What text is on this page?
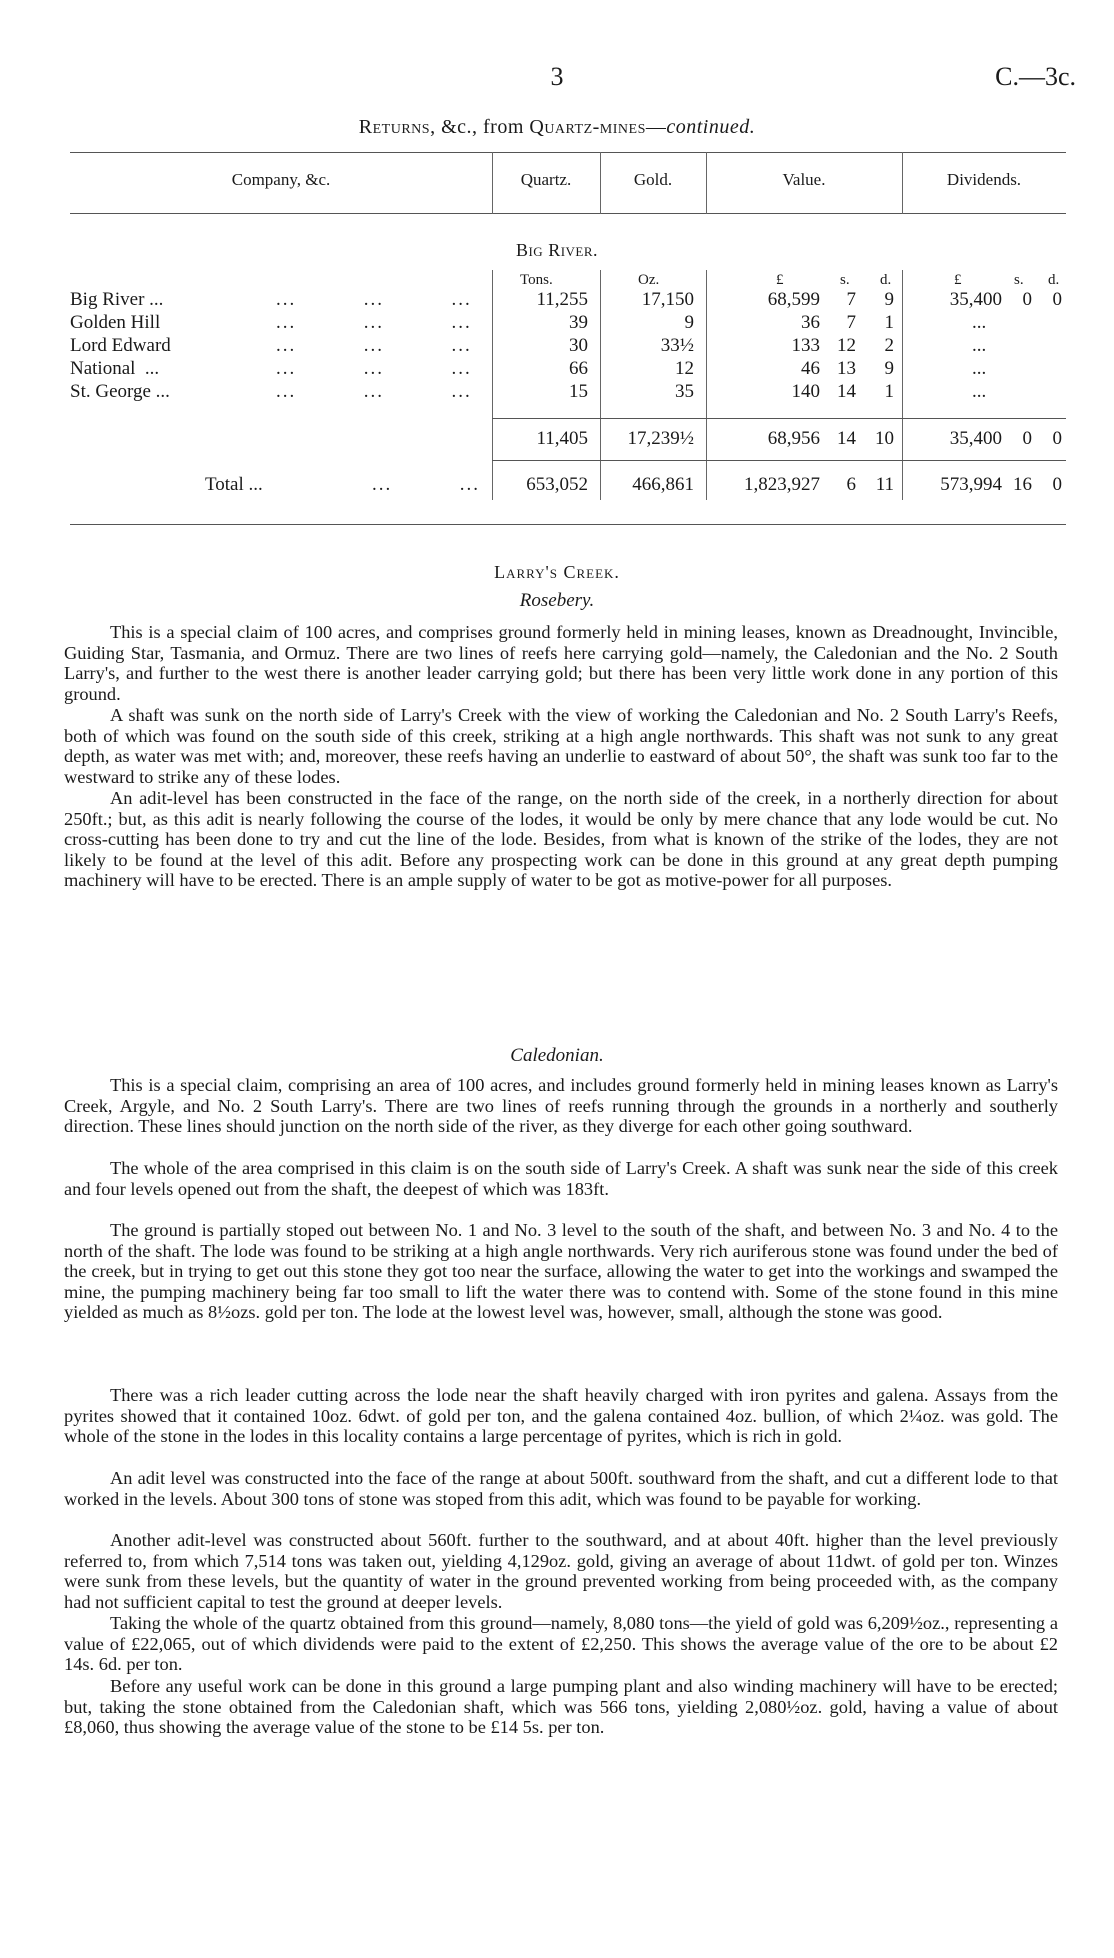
3	C.—3c.
Returns, &c., from Quartz-mines—continued.
Company, &c.	Quartz.	Gold.	Value.	Dividends.
Big River.
Tons.	Oz.	£	s. d.	£	s. d.
Big River ...	...          ...          ...	11,255	17,150	68,599	7	9	35,400	0	0
Golden Hill	...          ...          ...	39	9	36	7	1	...
Lord Edward	...          ...          ...	30	33½	133 12	2	...
National  ...	...          ...          ...	66	12	46 13	9	...
St. George ...	...          ...          ...	15	35	140 14	1	...
11,405	17,239½	68,956 14	10	35,400	0	0
Total ...	...          ...	653,052	466,861	1,823,927	6	11	573,994 16	0
Larry's Creek.
Rosebery.

This is a special claim of 100 acres, and comprises ground formerly held in mining leases, known as Dreadnought, Invincible, Guiding Star, Tasmania, and Ormuz. There are two lines of reefs here carrying gold—namely, the Caledonian and the No. 2 South Larry's, and further to the west there is another leader carrying gold; but there has been very little work done in any portion of this ground.

A shaft was sunk on the north side of Larry's Creek with the view of working the Caledonian and No. 2 South Larry's Reefs, both of which was found on the south side of this creek, striking at a high angle northwards. This shaft was not sunk to any great depth, as water was met with; and, moreover, these reefs having an underlie to eastward of about 50°, the shaft was sunk too far to the westward to strike any of these lodes.

An adit-level has been constructed in the face of the range, on the north side of the creek, in a northerly direction for about 250ft.; but, as this adit is nearly following the course of the lodes, it would be only by mere chance that any lode would be cut. No cross-cutting has been done to try and cut the line of the lode. Besides, from what is known of the strike of the lodes, they are not likely to be found at the level of this adit. Before any prospecting work can be done in this ground at any great depth pumping machinery will have to be erected. There is an ample supply of water to be got as motive-power for all purposes.

Caledonian.

This is a special claim, comprising an area of 100 acres, and includes ground formerly held in mining leases known as Larry's Creek, Argyle, and No. 2 South Larry's. There are two lines of reefs running through the grounds in a northerly and southerly direction. These lines should junction on the north side of the river, as they diverge for each other going southward.

The whole of the area comprised in this claim is on the south side of Larry's Creek. A shaft was sunk near the side of this creek and four levels opened out from the shaft, the deepest of which was 183ft.

The ground is partially stoped out between No. 1 and No. 3 level to the south of the shaft, and between No. 3 and No. 4 to the north of the shaft. The lode was found to be striking at a high angle northwards. Very rich auriferous stone was found under the bed of the creek, but in trying to get out this stone they got too near the surface, allowing the water to get into the workings and swamped the mine, the pumping machinery being far too small to lift the water there was to contend with. Some of the stone found in this mine yielded as much as 8½ozs. gold per ton. The lode at the lowest level was, however, small, although the stone was good.

There was a rich leader cutting across the lode near the shaft heavily charged with iron pyrites and galena. Assays from the pyrites showed that it contained 10oz. 6dwt. of gold per ton, and the galena contained 4oz. bullion, of which 2¼oz. was gold. The whole of the stone in the lodes in this locality contains a large percentage of pyrites, which is rich in gold.

An adit level was constructed into the face of the range at about 500ft. southward from the shaft, and cut a different lode to that worked in the levels. About 300 tons of stone was stoped from this adit, which was found to be payable for working.

Another adit-level was constructed about 560ft. further to the southward, and at about 40ft. higher than the level previously referred to, from which 7,514 tons was taken out, yielding 4,129oz. gold, giving an average of about 11dwt. of gold per ton. Winzes were sunk from these levels, but the quantity of water in the ground prevented working from being proceeded with, as the company had not sufficient capital to test the ground at deeper levels.

Taking the whole of the quartz obtained from this ground—namely, 8,080 tons—the yield of gold was 6,209½oz., representing a value of £22,065, out of which dividends were paid to the extent of £2,250. This shows the average value of the ore to be about £2 14s. 6d. per ton.

Before any useful work can be done in this ground a large pumping plant and also winding machinery will have to be erected; but, taking the stone obtained from the Caledonian shaft, which was 566 tons, yielding 2,080½oz. gold, having a value of about £8,060, thus showing the average value of the stone to be £14 5s. per ton.
